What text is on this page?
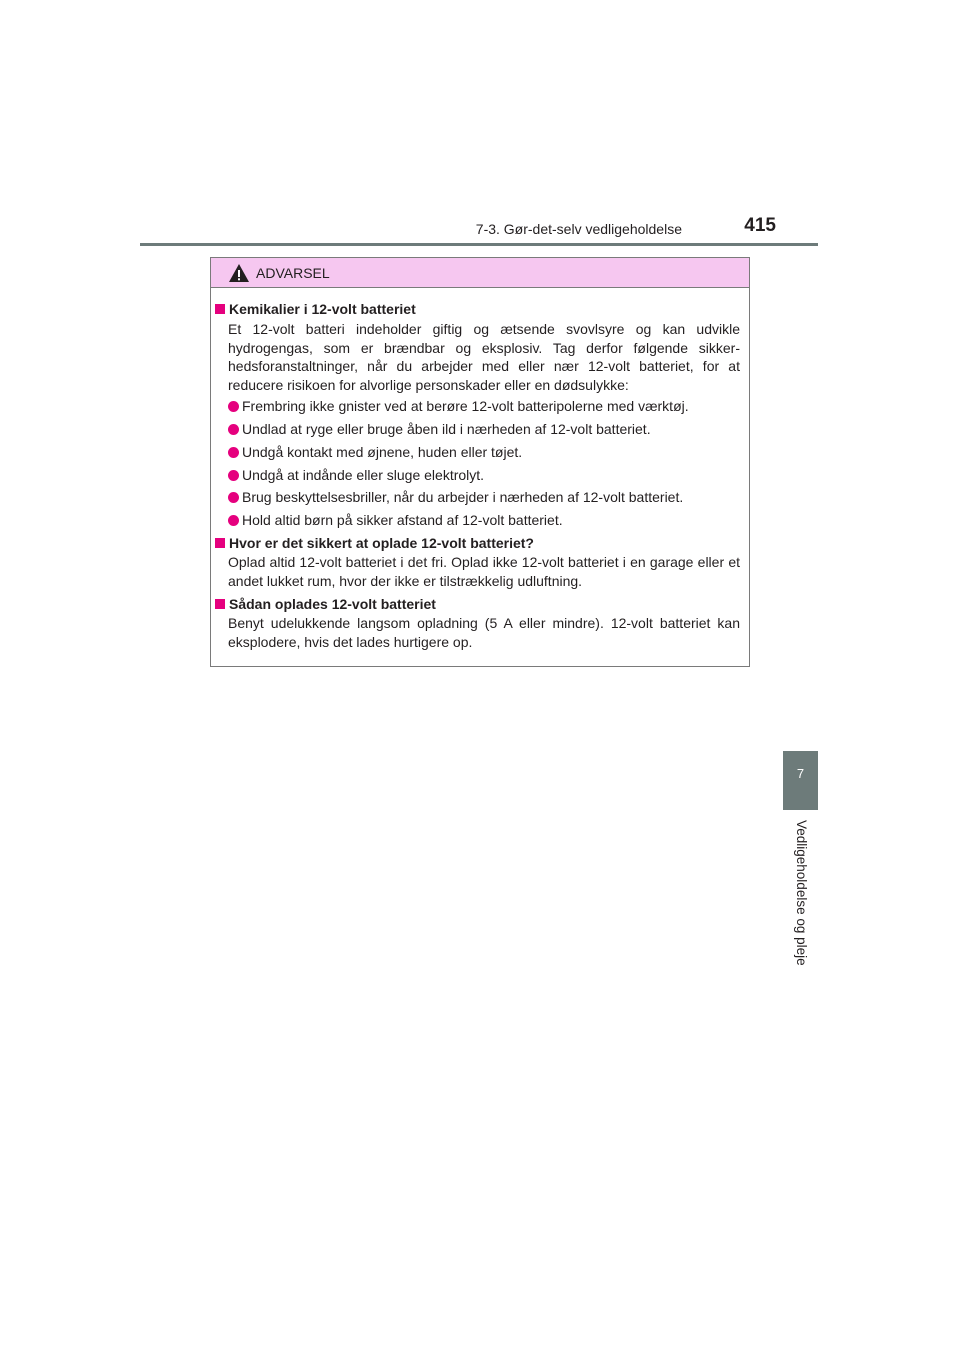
7-3. Gør-det-selv vedligeholdelse	415
7
Vedligeholdelse og pleje
ADVARSEL
Kemikalier i 12-volt batteriet
Et 12-volt batteri indeholder giftig og ætsende svovlsyre og kan udvikle hydrogengas, som er brændbar og eksplosiv. Tag derfor følgende sikker-hedsforanstaltninger, når du arbejder med eller nær 12-volt batteriet, for at reducere risikoen for alvorlige personskader eller en dødsulykke:
Frembring ikke gnister ved at berøre 12-volt batteripolerne med værktøj.
Undlad at ryge eller bruge åben ild i nærheden af 12-volt batteriet.
Undgå kontakt med øjnene, huden eller tøjet.
Undgå at indånde eller sluge elektrolyt.
Brug beskyttelsesbriller, når du arbejder i nærheden af 12-volt batteriet.
Hold altid børn på sikker afstand af 12-volt batteriet.
Hvor er det sikkert at oplade 12-volt batteriet?
Oplad altid 12-volt batteriet i det fri. Oplad ikke 12-volt batteriet i en garage eller et andet lukket rum, hvor der ikke er tilstrækkelig udluftning.
Sådan oplades 12-volt batteriet
Benyt udelukkende langsom opladning (5 A eller mindre). 12-volt batteriet kan eksplodere, hvis det lades hurtigere op.
